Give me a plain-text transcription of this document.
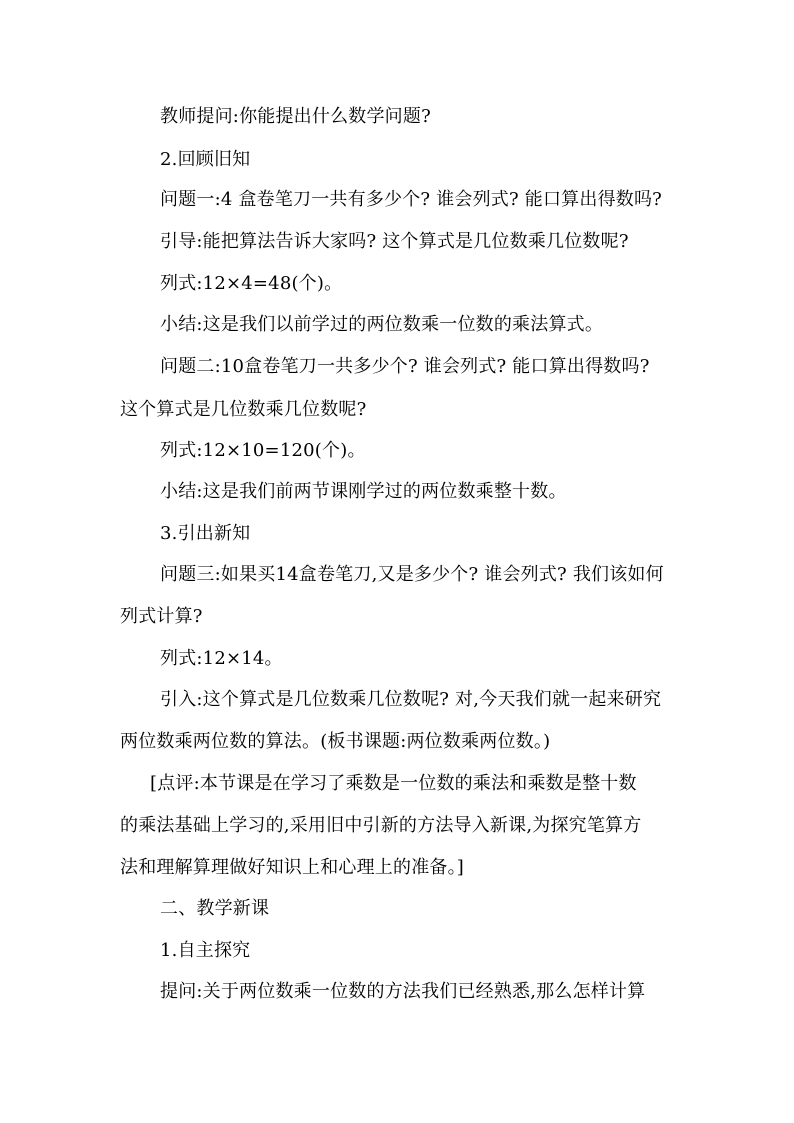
教师提问:你能提出什么数学问题?
2.回顾旧知
问题一:4 盒卷笔刀一共有多少个? 谁会列式? 能口算出得数吗?
引导:能把算法告诉大家吗? 这个算式是几位数乘几位数呢?
列式:12×4=48(个)。
小结:这是我们以前学过的两位数乘一位数的乘法算式。
问题二:10盒卷笔刀一共多少个? 谁会列式? 能口算出得数吗?
这个算式是几位数乘几位数呢?
列式:12×10=120(个)。
小结:这是我们前两节课刚学过的两位数乘整十数。
3.引出新知
问题三:如果买14盒卷笔刀,又是多少个? 谁会列式? 我们该如何
列式计算?
列式:12×14。
引入:这个算式是几位数乘几位数呢? 对,今天我们就一起来研究
两位数乘两位数的算法。(板书课题:两位数乘两位数。)
[点评:本节课是在学习了乘数是一位数的乘法和乘数是整十数
的乘法基础上学习的,采用旧中引新的方法导入新课,为探究笔算方
法和理解算理做好知识上和心理上的准备。]
二、教学新课
1.自主探究
提问:关于两位数乘一位数的方法我们已经熟悉,那么怎样计算
